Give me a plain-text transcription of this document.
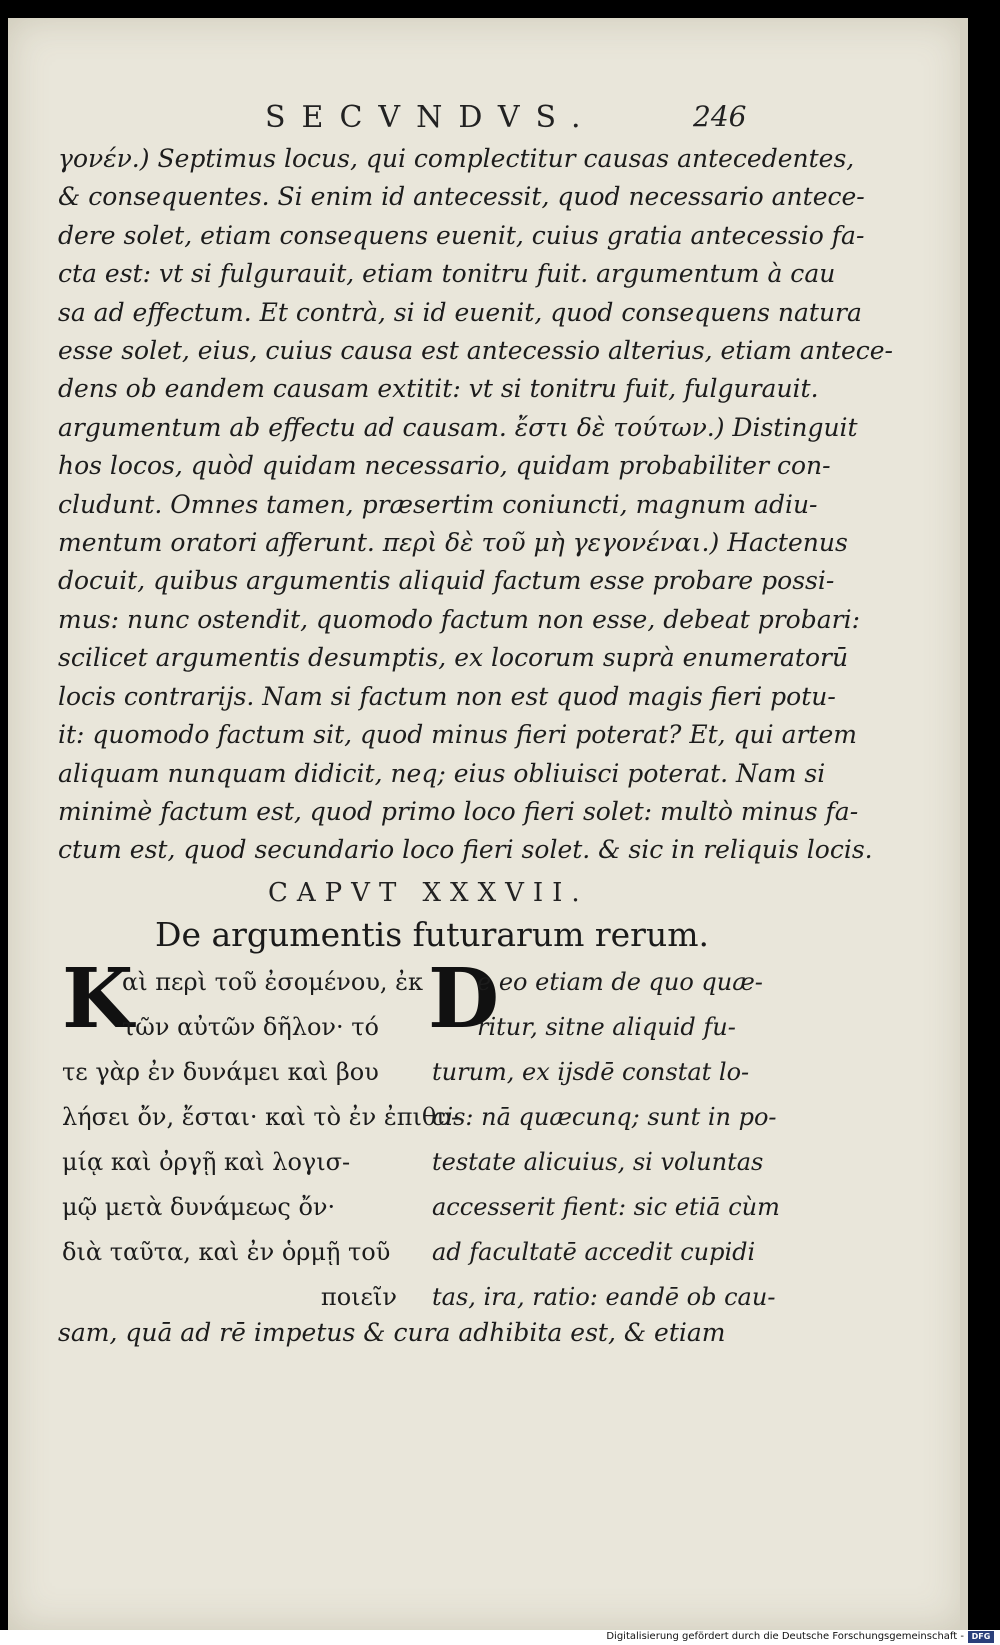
SECVNDVS.	246
γονέν.) Septimus locus, qui complectitur causas antecedentes,
& consequentes. Si enim id antecessit, quod necessario antece-
dere solet, etiam consequens euenit, cuius gratia antecessio fa-
cta est: vt si fulgurauit, etiam tonitru fuit. argumentum à cau
sa ad effectum. Et contrà, si id euenit, quod consequens natura
esse solet, eius, cuius causa est antecessio alterius, etiam antece-
dens ob eandem causam extitit: vt si tonitru fuit, fulgurauit.
argumentum ab effectu ad causam. ἔστι δὲ τούτων.) Distinguit
hos locos, quòd quidam necessario, quidam probabiliter con-
cludunt. Omnes tamen, præsertim coniuncti, magnum adiu-
mentum oratori afferunt. περὶ δὲ τοῦ μὴ γεγονέναι.) Hactenus
docuit, quibus argumentis aliquid factum esse probare possi-
mus: nunc ostendit, quomodo factum non esse, debeat probari:
scilicet argumentis desumptis, ex locorum suprà enumeratorū
locis contrarijs. Nam si factum non est quod magis fieri potu-
it: quomodo factum sit, quod minus fieri poterat? Et, qui artem
aliquam nunquam didicit, neq; eius obliuisci poterat. Nam si
minimè factum est, quod primo loco fieri solet: multò minus fa-
ctum est, quod secundario loco fieri solet. & sic in reliquis locis.
CAPVT XXXVII.
De argumentis futurarum rerum.
K
αὶ περὶ τοῦ ἐσομένου, ἐκ
τῶν αὐτῶν δῆλον· τό
τε γὰρ ἐν δυνάμει καὶ βου
λήσει ὄν, ἔσται· καὶ τὸ ἐν ἐπιθυ-
μίᾳ καὶ ὀργῇ καὶ λογισ-
μῷ μετὰ δυνάμεως ὄν·
διὰ ταῦτα, καὶ ἐν ὁρμῇ τοῦ
ποιεῖν
D
e eo etiam de quo quæ-
ritur, sitne aliquid fu-
turum, ex ijsdē constat lo-
cis: nā quæcunq; sunt in po-
testate alicuius, si voluntas
accesserit fient: sic etiā cùm
ad facultatē accedit cupidi
tas, ira, ratio: eandē ob cau-
sam, quā ad rē impetus & cura adhibita est, & etiam
Digitalisierung gefördert durch die Deutsche Forschungsgemeinschaft - DFG
